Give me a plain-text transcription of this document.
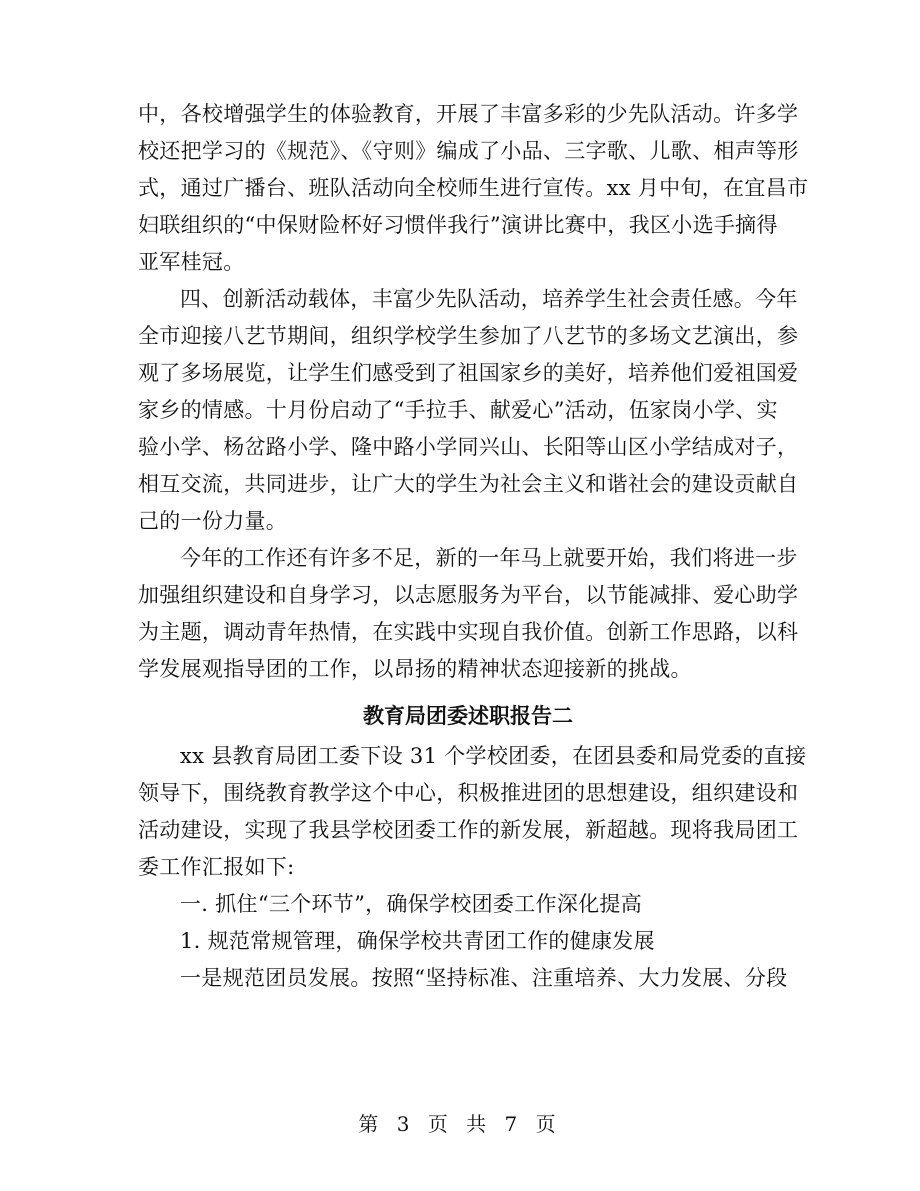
中，各校增强学生的体验教育，开展了丰富多彩的少先队活动。许多学
校还把学习的《规范》、《守则》编成了小品、三字歌、儿歌、相声等形
式，通过广播台、班队活动向全校师生进行宣传。xx 月中旬，在宜昌市
妇联组织的“中保财险杯好习惯伴我行”演讲比赛中，我区小选手摘得
亚军桂冠。
四、创新活动载体，丰富少先队活动，培养学生社会责任感。今年
全市迎接八艺节期间，组织学校学生参加了八艺节的多场文艺演出，参
观了多场展览，让学生们感受到了祖国家乡的美好，培养他们爱祖国爱
家乡的情感。十月份启动了“手拉手、献爱心”活动，伍家岗小学、实
验小学、杨岔路小学、隆中路小学同兴山、长阳等山区小学结成对子，
相互交流，共同进步，让广大的学生为社会主义和谐社会的建设贡献自
己的一份力量。
今年的工作还有许多不足，新的一年马上就要开始，我们将进一步
加强组织建设和自身学习，以志愿服务为平台，以节能减排、爱心助学
为主题，调动青年热情，在实践中实现自我价值。创新工作思路，以科
学发展观指导团的工作，以昂扬的精神状态迎接新的挑战。
教育局团委述职报告二
xx 县教育局团工委下设 31 个学校团委，在团县委和局党委的直接
领导下，围绕教育教学这个中心，积极推进团的思想建设，组织建设和
活动建设，实现了我县学校团委工作的新发展，新超越。现将我局团工
委工作汇报如下:
一. 抓住“三个环节”，确保学校团委工作深化提高
1. 规范常规管理，确保学校共青团工作的健康发展
一是规范团员发展。按照“坚持标准、注重培养、大力发展、分段
第 3 页 共 7 页
